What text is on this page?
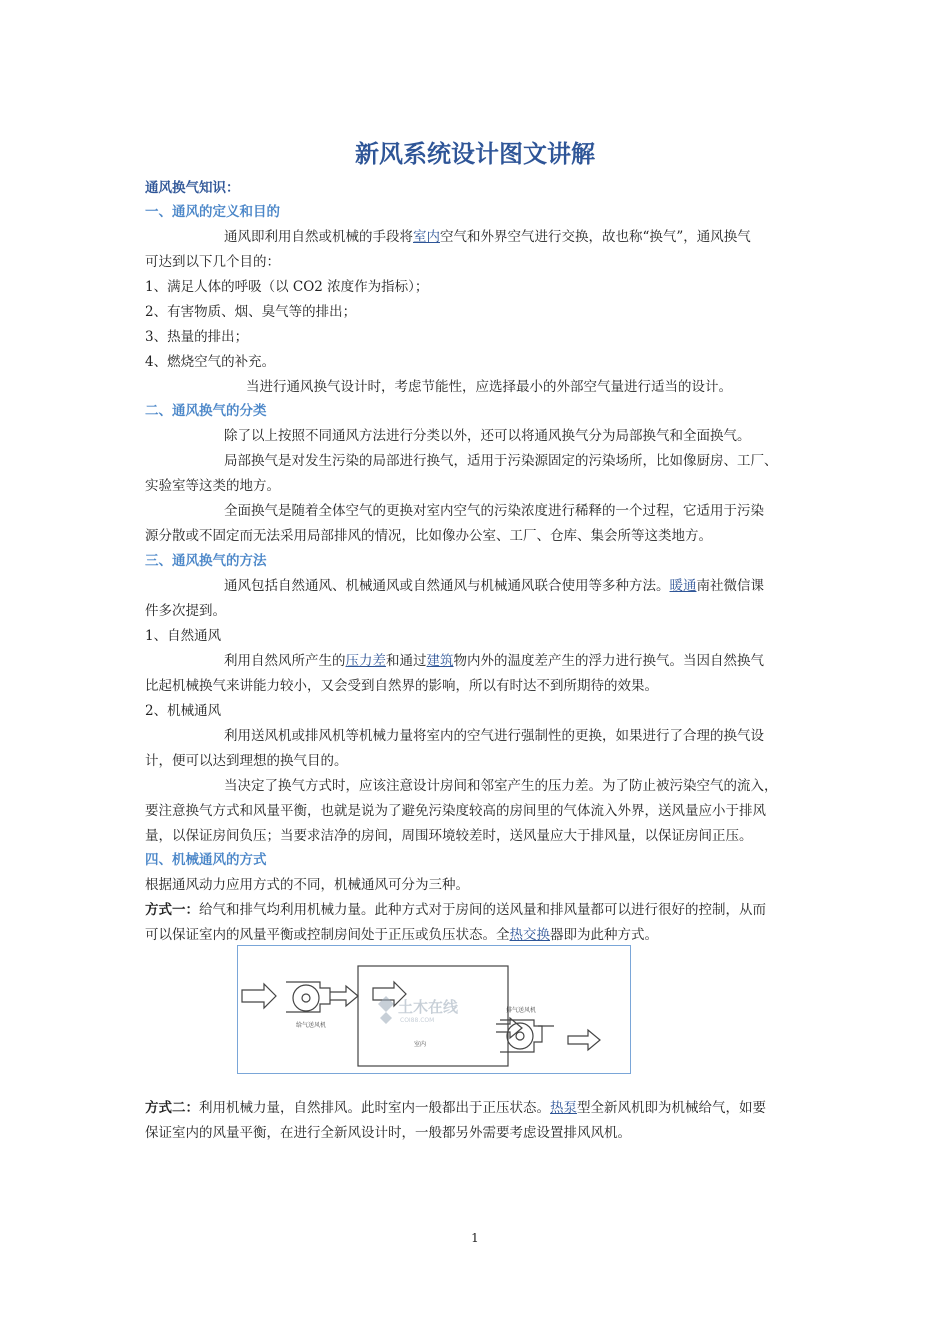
新风系统设计图文讲解
通风换气知识：
一、通风的定义和目的
通风即利用自然或机械的手段将室内空气和外界空气进行交换，故也称“换气”，通风换气
可达到以下几个目的：
1、满足人体的呼吸（以 CO2 浓度作为指标）；
2、有害物质、烟、臭气等的排出；
3、热量的排出；
4、燃烧空气的补充。
当进行通风换气设计时，考虑节能性，应选择最小的外部空气量进行适当的设计。
二、通风换气的分类
除了以上按照不同通风方法进行分类以外，还可以将通风换气分为局部换气和全面换气。
局部换气是对发生污染的局部进行换气，适用于污染源固定的污染场所，比如像厨房、工厂、
实验室等这类的地方。
全面换气是随着全体空气的更换对室内空气的污染浓度进行稀释的一个过程，它适用于污染
源分散或不固定而无法采用局部排风的情况，比如像办公室、工厂、仓库、集会所等这类地方。
三、通风换气的方法
通风包括自然通风、机械通风或自然通风与机械通风联合使用等多种方法。暖通南社微信课
件多次提到。
1、自然通风
利用自然风所产生的压力差和通过建筑物内外的温度差产生的浮力进行换气。当因自然换气
比起机械换气来讲能力较小，又会受到自然界的影响，所以有时达不到所期待的效果。
2、机械通风
利用送风机或排风机等机械力量将室内的空气进行强制性的更换，如果进行了合理的换气设
计，便可以达到理想的换气目的。
当决定了换气方式时，应该注意设计房间和邻室产生的压力差。为了防止被污染空气的流入，
要注意换气方式和风量平衡，也就是说为了避免污染度较高的房间里的气体流入外界，送风量应小于排风
量，以保证房间负压；当要求洁净的房间，周围环境较差时，送风量应大于排风量，以保证房间正压。
四、机械通风的方式
根据通风动力应用方式的不同，机械通风可分为三种。
方式一：给气和排气均利用机械力量。此种方式对于房间的送风量和排风量都可以进行很好的控制，从而
可以保证室内的风量平衡或控制房间处于正压或负压状态。全热交换器即为此种方式。
给气送风机
排气送风机
室内
土木在线
COI88.COM
方式二：利用机械力量，自然排风。此时室内一般都出于正压状态。热泵型全新风机即为机械给气，如要
保证室内的风量平衡，在进行全新风设计时，一般都另外需要考虑设置排风风机。
1
